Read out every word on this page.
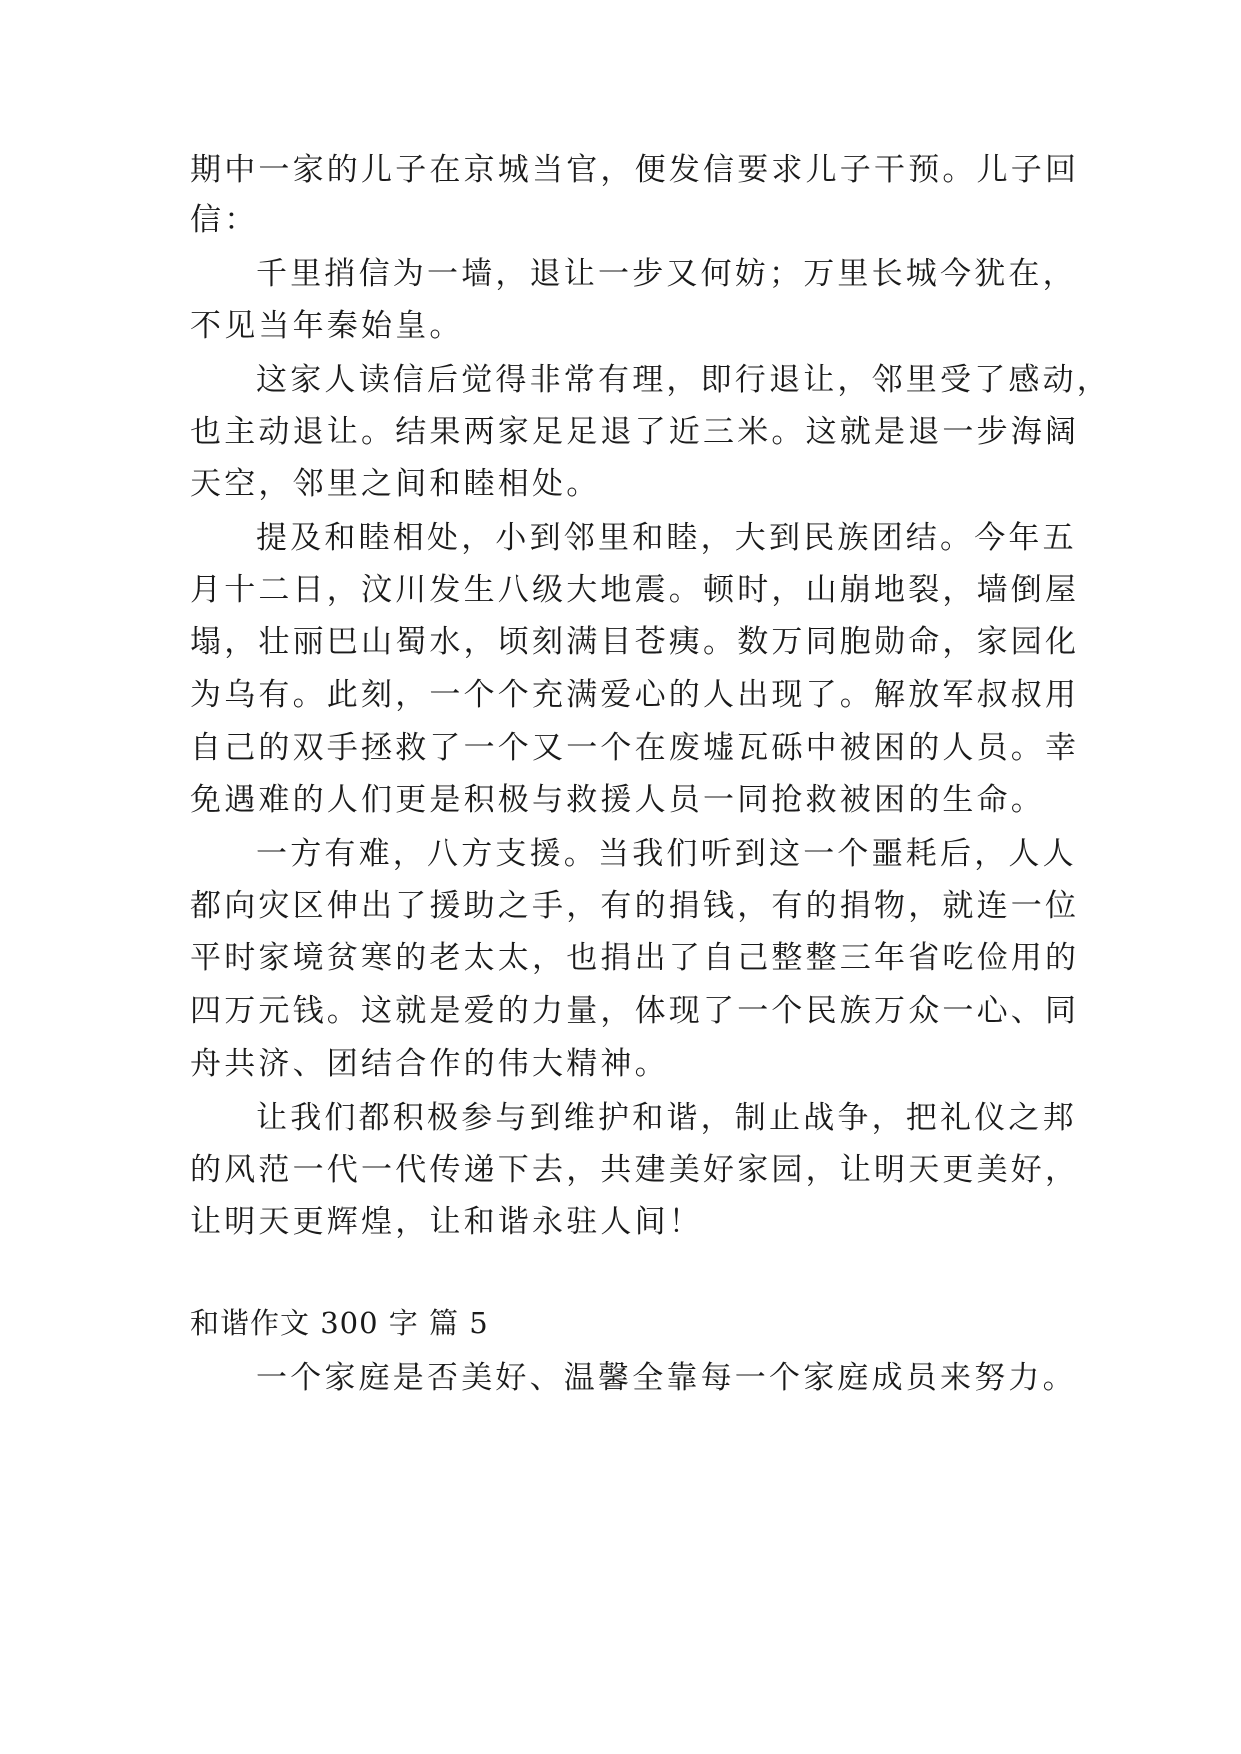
期中一家的儿子在京城当官，便发信要求儿子干预。儿子回
信：
千里捎信为一墙，退让一步又何妨；万里长城今犹在，
不见当年秦始皇。
这家人读信后觉得非常有理，即行退让，邻里受了感动，
也主动退让。结果两家足足退了近三米。这就是退一步海阔
天空，邻里之间和睦相处。
提及和睦相处，小到邻里和睦，大到民族团结。今年五
月十二日，汶川发生八级大地震。顿时，山崩地裂，墙倒屋
塌，壮丽巴山蜀水，顷刻满目苍痍。数万同胞勋命，家园化
为乌有。此刻，一个个充满爱心的人出现了。解放军叔叔用
自己的双手拯救了一个又一个在废墟瓦砾中被困的人员。幸
免遇难的人们更是积极与救援人员一同抢救被困的生命。
一方有难，八方支援。当我们听到这一个噩耗后，人人
都向灾区伸出了援助之手，有的捐钱，有的捐物，就连一位
平时家境贫寒的老太太，也捐出了自己整整三年省吃俭用的
四万元钱。这就是爱的力量，体现了一个民族万众一心、同
舟共济、团结合作的伟大精神。
让我们都积极参与到维护和谐，制止战争，把礼仪之邦
的风范一代一代传递下去，共建美好家园，让明天更美好，
让明天更辉煌，让和谐永驻人间！
和谐作文 300 字 篇 5
一个家庭是否美好、温馨全靠每一个家庭成员来努力。
